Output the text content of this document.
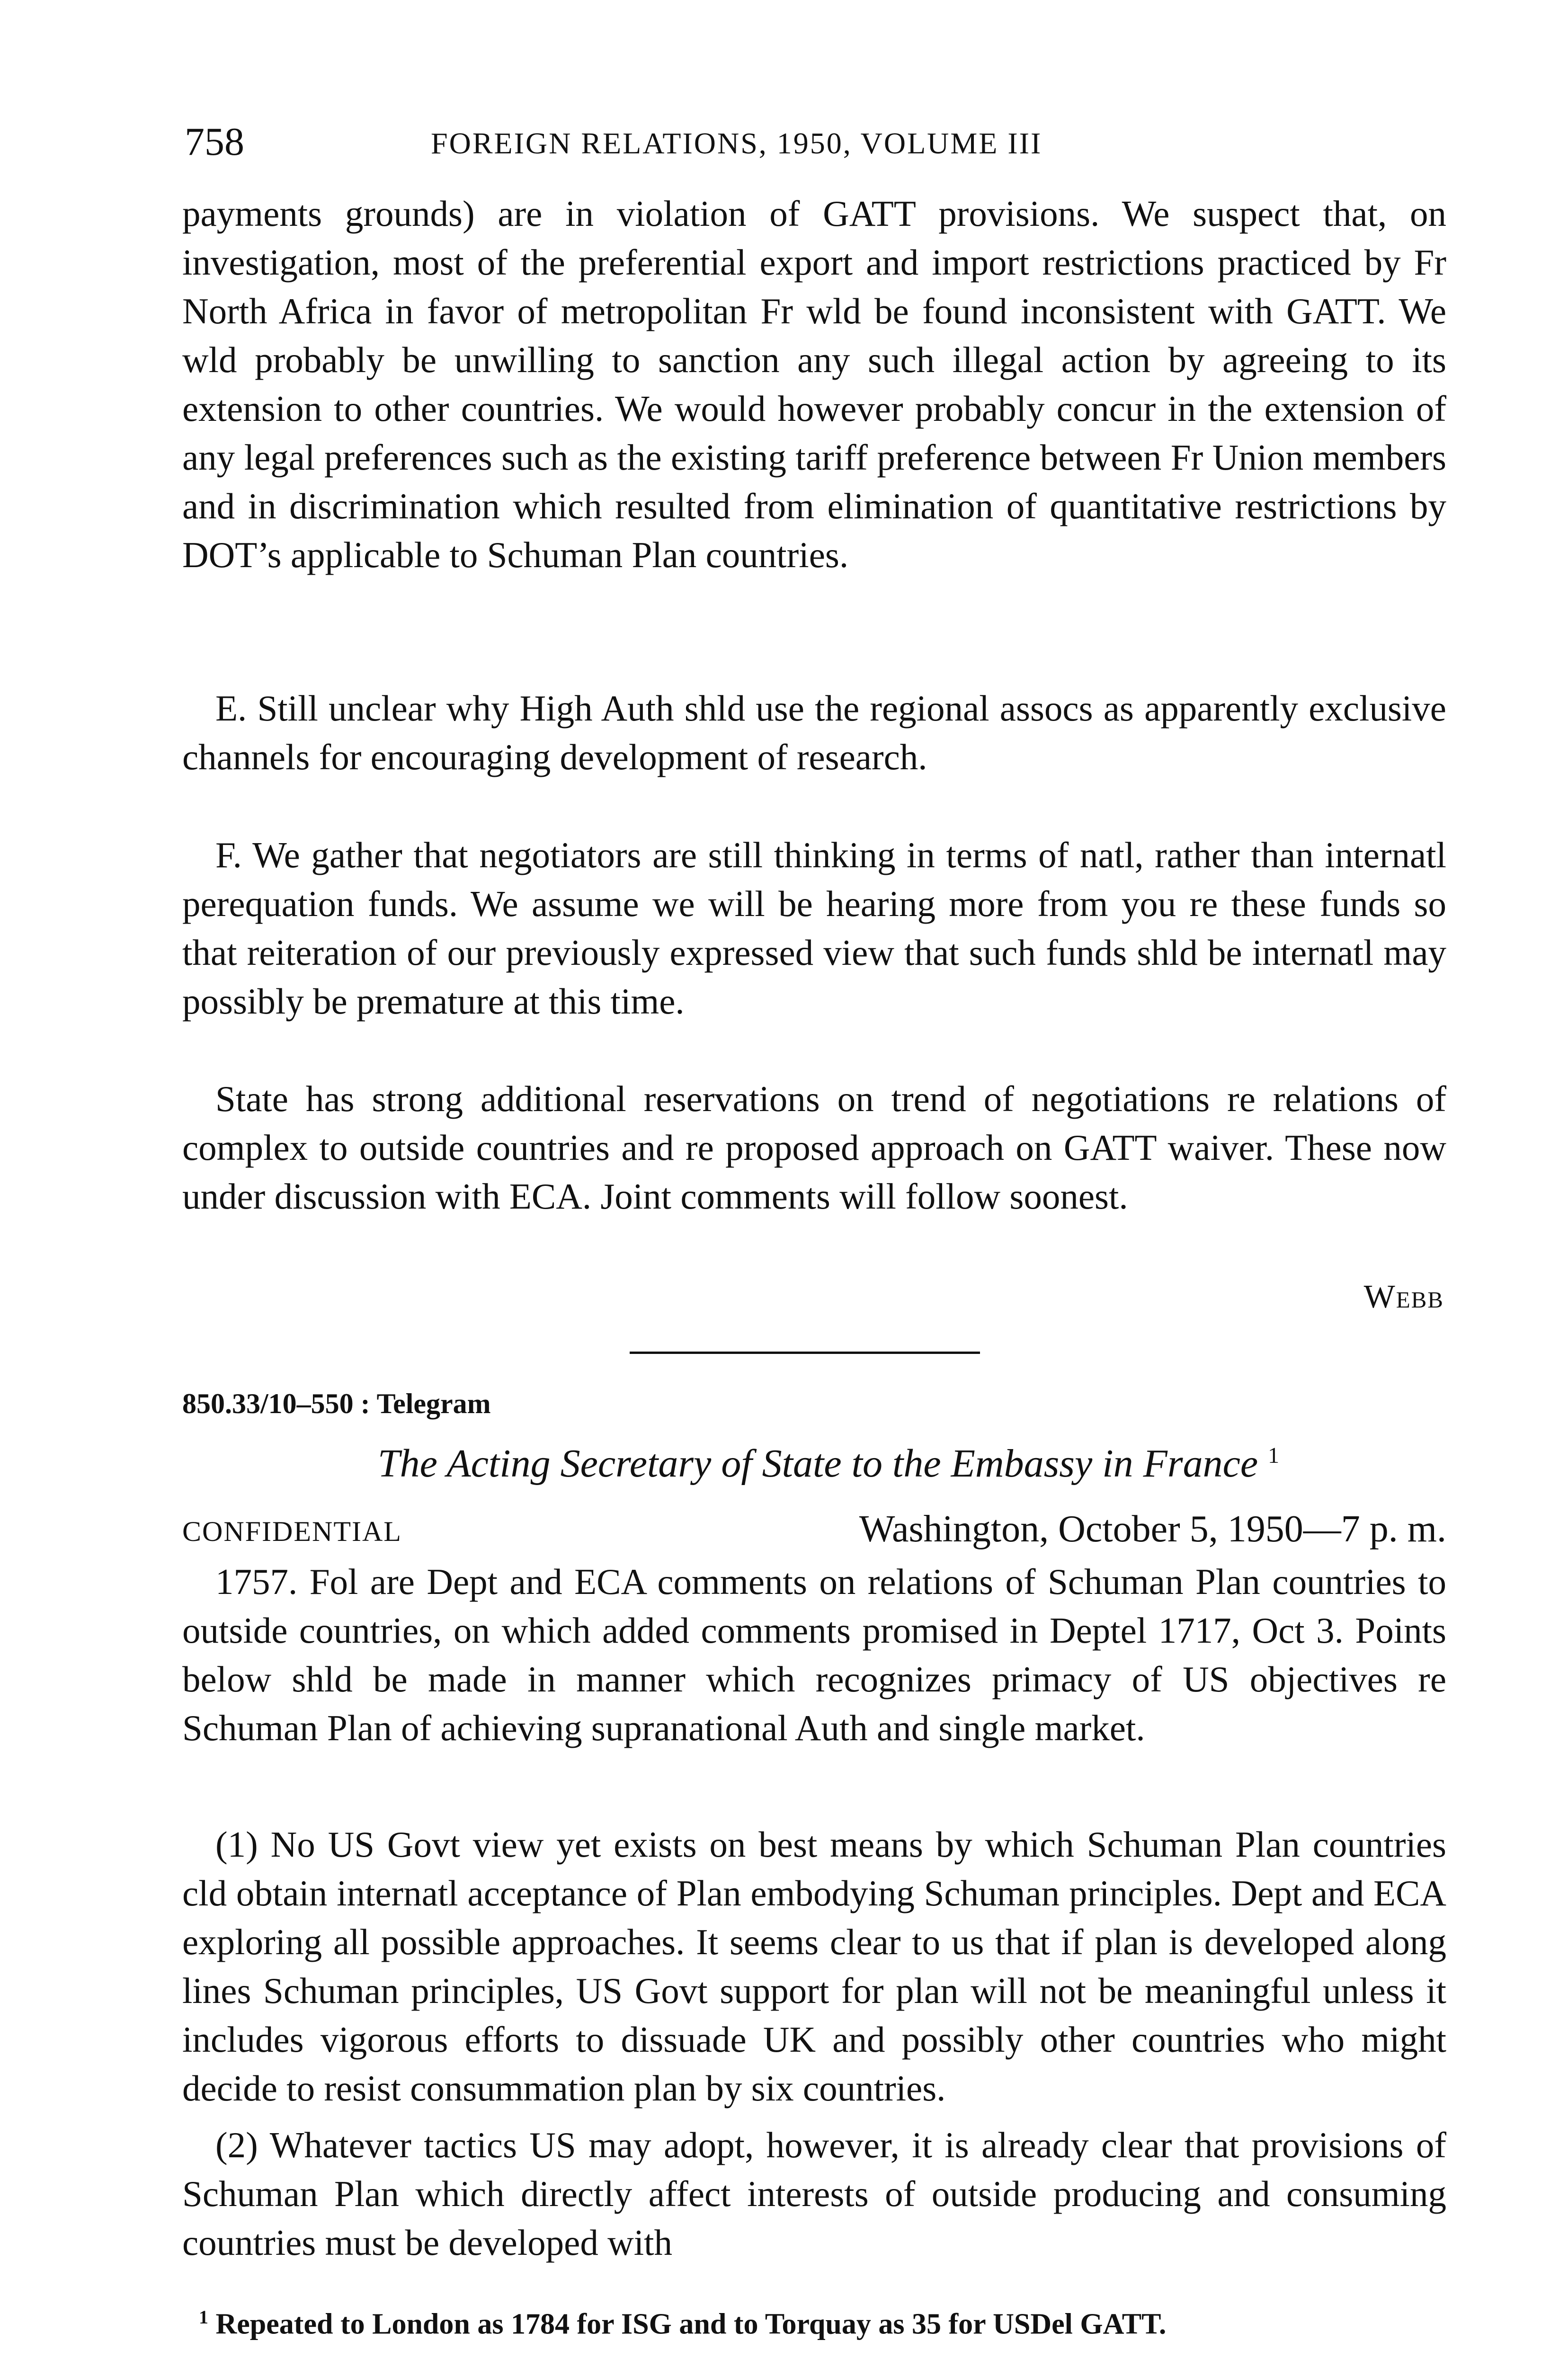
758	FOREIGN RELATIONS, 1950, VOLUME III

payments grounds) are in violation of GATT provisions. We suspect that, on investigation, most of the preferential export and import restrictions practiced by Fr North Africa in favor of metropolitan Fr wld be found inconsistent with GATT. We wld probably be unwilling to sanction any such illegal action by agreeing to its extension to other countries. We would however probably concur in the extension of any legal preferences such as the existing tariff preference between Fr Union members and in discrimination which resulted from elimination of quantitative restrictions by DOT’s applicable to Schuman Plan countries.

E. Still unclear why High Auth shld use the regional assocs as apparently exclusive channels for encouraging development of research.

F. We gather that negotiators are still thinking in terms of natl, rather than internatl perequation funds. We assume we will be hearing more from you re these funds so that reiteration of our previously expressed view that such funds shld be internatl may possibly be premature at this time.

State has strong additional reservations on trend of negotiations re relations of complex to outside countries and re proposed approach on GATT waiver. These now under discussion with ECA. Joint comments will follow soonest.

Webb
850.33/10–550 : Telegram
The Acting Secretary of State to the Embassy in France $^1$
CONFIDENTIAL	Washington, October 5, 1950—7 p. m.

1757. Fol are Dept and ECA comments on relations of Schuman Plan countries to outside countries, on which added comments promised in Deptel 1717, Oct 3. Points below shld be made in manner which recognizes primacy of US objectives re Schuman Plan of achieving supranational Auth and single market.

(1) No US Govt view yet exists on best means by which Schuman Plan countries cld obtain internatl acceptance of Plan embodying Schuman principles. Dept and ECA exploring all possible approaches. It seems clear to us that if plan is developed along lines Schuman principles, US Govt support for plan will not be meaningful unless it includes vigorous efforts to dissuade UK and possibly other countries who might decide to resist consummation plan by six countries.

(2) Whatever tactics US may adopt, however, it is already clear that provisions of Schuman Plan which directly affect interests of outside producing and consuming countries must be developed with

$^1$ Repeated to London as 1784 for ISG and to Torquay as 35 for USDel GATT.
